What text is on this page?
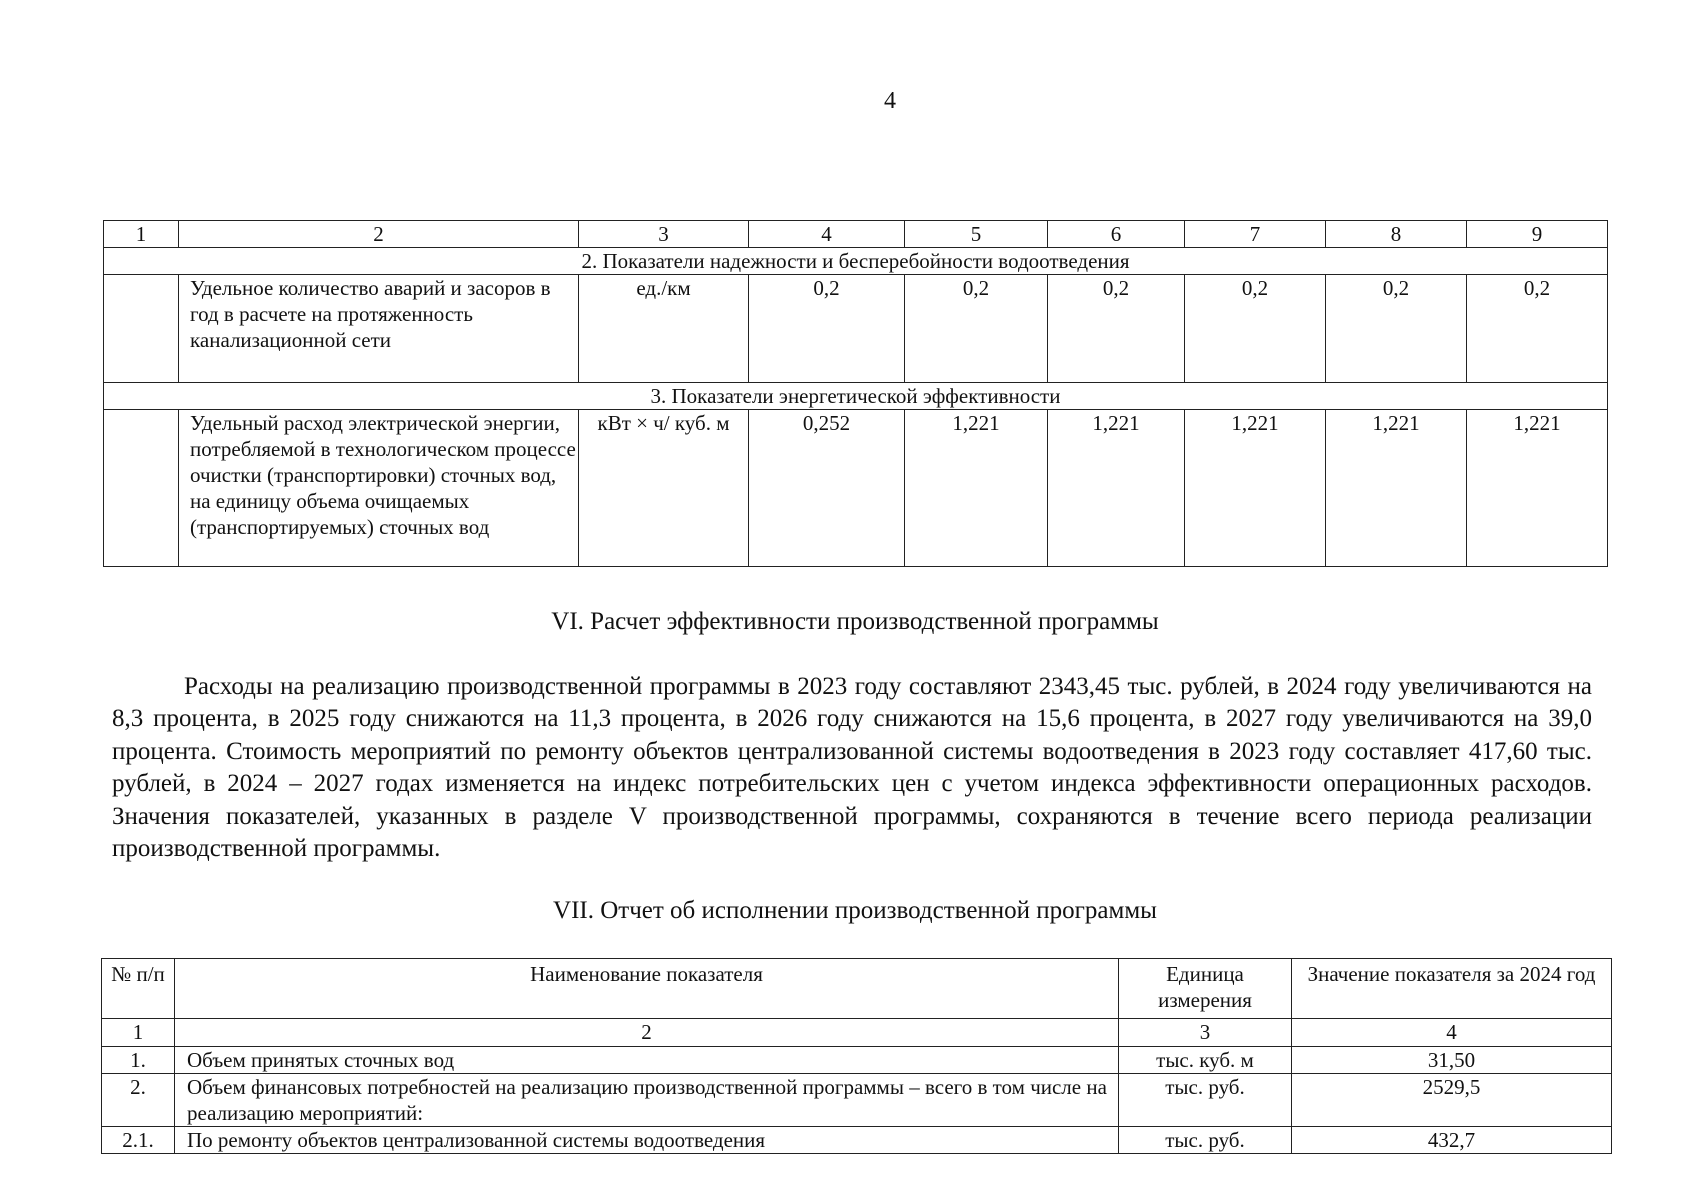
4
1	2	3	4	5	6	7	8	9
2. Показатели надежности и бесперебойности водоотведения								
	Удельное количество аварий и засоров в год в расчете на протяженность канализационной сети	ед./км	0,2	0,2	0,2	0,2	0,2	0,2
3. Показатели энергетической эффективности								
	Удельный расход электрической энергии, потребляемой в технологическом процессе очистки (транспортировки) сточных вод, на единицу объема очищаемых (транспортируемых) сточных вод	кВт × ч/ куб. м	0,252	1,221	1,221	1,221	1,221	1,221
VI. Расчет эффективности производственной программы
Расходы на реализацию производственной программы в 2023 году составляют 2343,45 тыс. рублей, в 2024 году увеличиваются на 8,3 процента, в 2025 году снижаются на 11,3 процента, в 2026 году снижаются на 15,6 процента, в 2027 году увеличиваются на 39,0 процента. Стоимость мероприятий по ремонту объектов централизованной системы водоотведения в 2023 году составляет 417,60 тыс. рублей, в 2024 – 2027 годах изменяется на индекс потребительских цен с учетом индекса эффективности операционных расходов. Значения показателей, указанных в разделе V производственной программы, сохраняются в течение всего периода реализации производственной программы.
VII. Отчет об исполнении производственной программы
№ п/п	Наименование показателя	Единица измерения	Значение показателя за 2024 год
1	2	3	4
1.	Объем принятых сточных вод	тыс. куб. м	31,50
2.	Объем финансовых потребностей на реализацию производственной программы – всего в том числе на реализацию мероприятий:	тыс. руб.	2529,5
2.1.	По ремонту объектов централизованной системы водоотведения	тыс. руб.	432,7
